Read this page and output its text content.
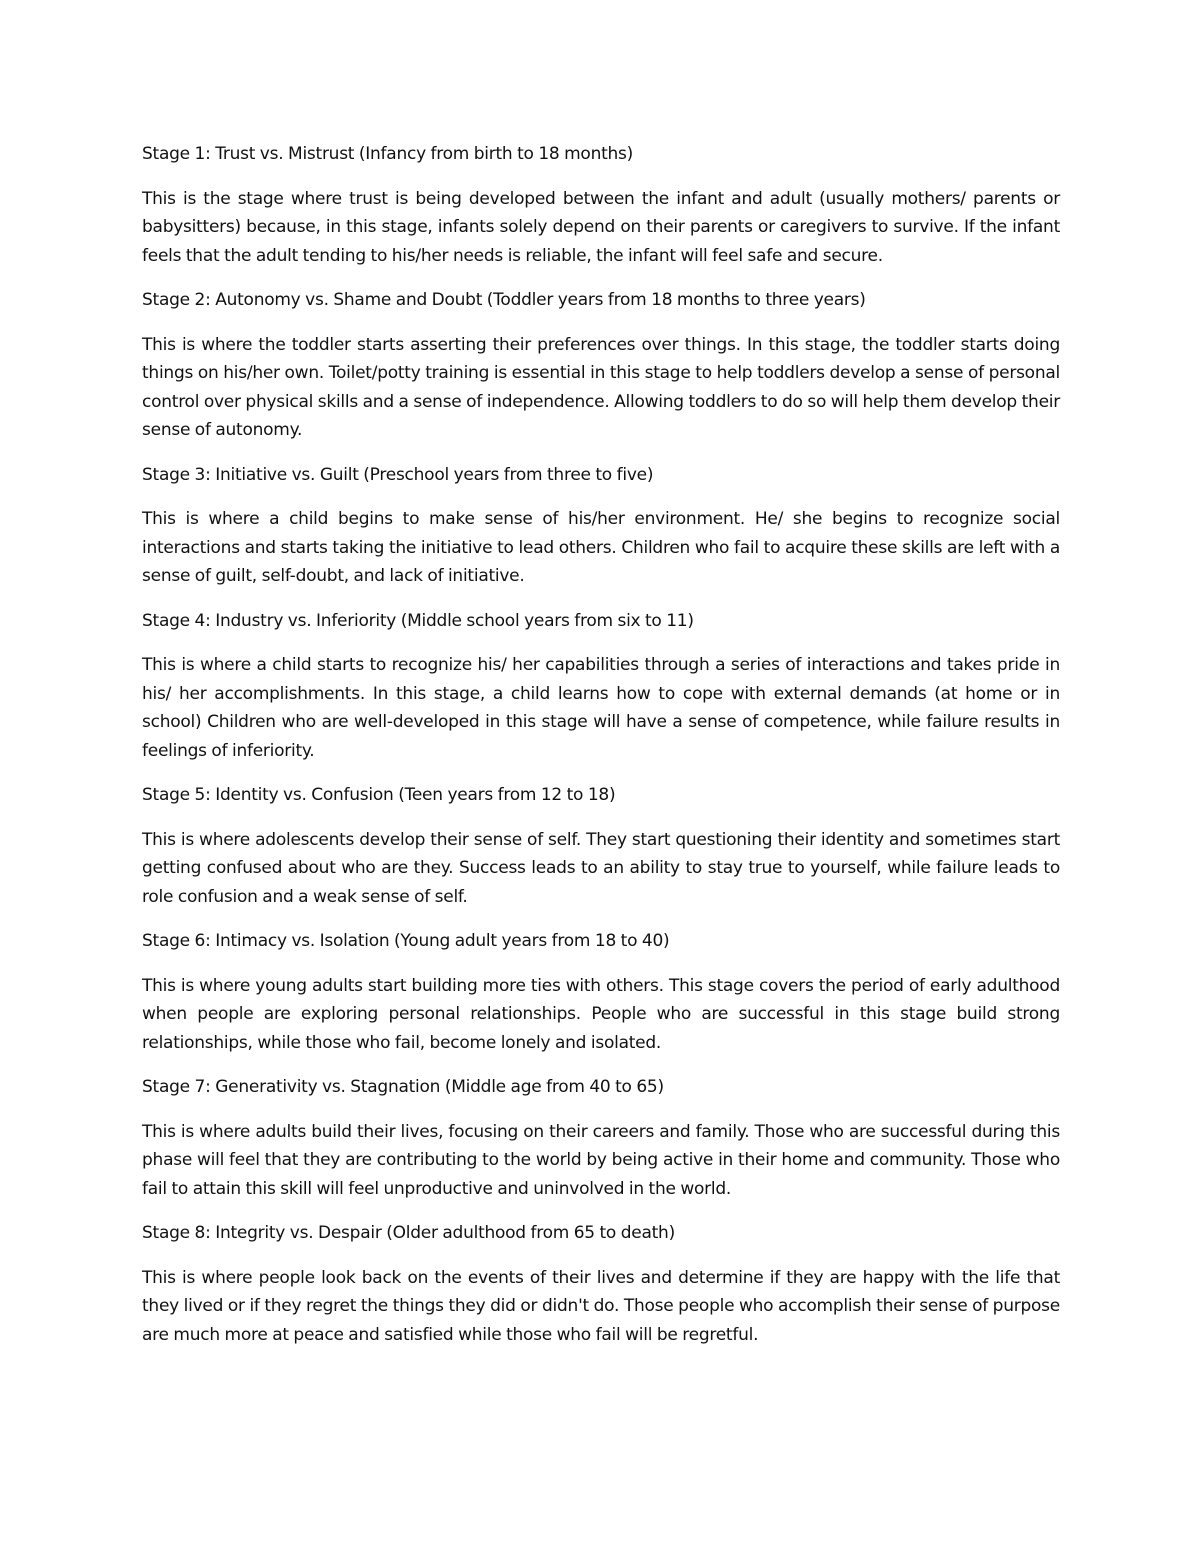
Stage 1: Trust vs. Mistrust (Infancy from birth to 18 months)

This is the stage where trust is being developed between the infant and adult (usually mothers/ parents or babysitters) because, in this stage, infants solely depend on their parents or caregivers to survive. If the infant feels that the adult tending to his/her needs is reliable, the infant will feel safe and secure.

Stage 2: Autonomy vs. Shame and Doubt (Toddler years from 18 months to three years)

This is where the toddler starts asserting their preferences over things. In this stage, the toddler starts doing things on his/her own. Toilet/potty training is essential in this stage to help toddlers develop a sense of personal control over physical skills and a sense of independence. Allowing toddlers to do so will help them develop their sense of autonomy.

Stage 3: Initiative vs. Guilt (Preschool years from three to five)

This is where a child begins to make sense of his/her environment. He/ she begins to recognize social interactions and starts taking the initiative to lead others. Children who fail to acquire these skills are left with a sense of guilt, self-doubt, and lack of initiative.

Stage 4: Industry vs. Inferiority (Middle school years from six to 11)

This is where a child starts to recognize his/ her capabilities through a series of interactions and takes pride in his/ her accomplishments. In this stage, a child learns how to cope with external demands (at home or in school) Children who are well-developed in this stage will have a sense of competence, while failure results in feelings of inferiority.

Stage 5: Identity vs. Confusion (Teen years from 12 to 18)

This is where adolescents develop their sense of self. They start questioning their identity and sometimes start getting confused about who are they. Success leads to an ability to stay true to yourself, while failure leads to role confusion and a weak sense of self.

Stage 6: Intimacy vs. Isolation (Young adult years from 18 to 40)

This is where young adults start building more ties with others. This stage covers the period of early adulthood when people are exploring personal relationships. People who are successful in this stage build strong relationships, while those who fail, become lonely and isolated.

Stage 7: Generativity vs. Stagnation (Middle age from 40 to 65)

This is where adults build their lives, focusing on their careers and family. Those who are successful during this phase will feel that they are contributing to the world by being active in their home and community. Those who fail to attain this skill will feel unproductive and uninvolved in the world.

Stage 8: Integrity vs. Despair (Older adulthood from 65 to death)

This is where people look back on the events of their lives and determine if they are happy with the life that they lived or if they regret the things they did or didn't do. Those people who accomplish their sense of purpose are much more at peace and satisfied while those who fail will be regretful.
